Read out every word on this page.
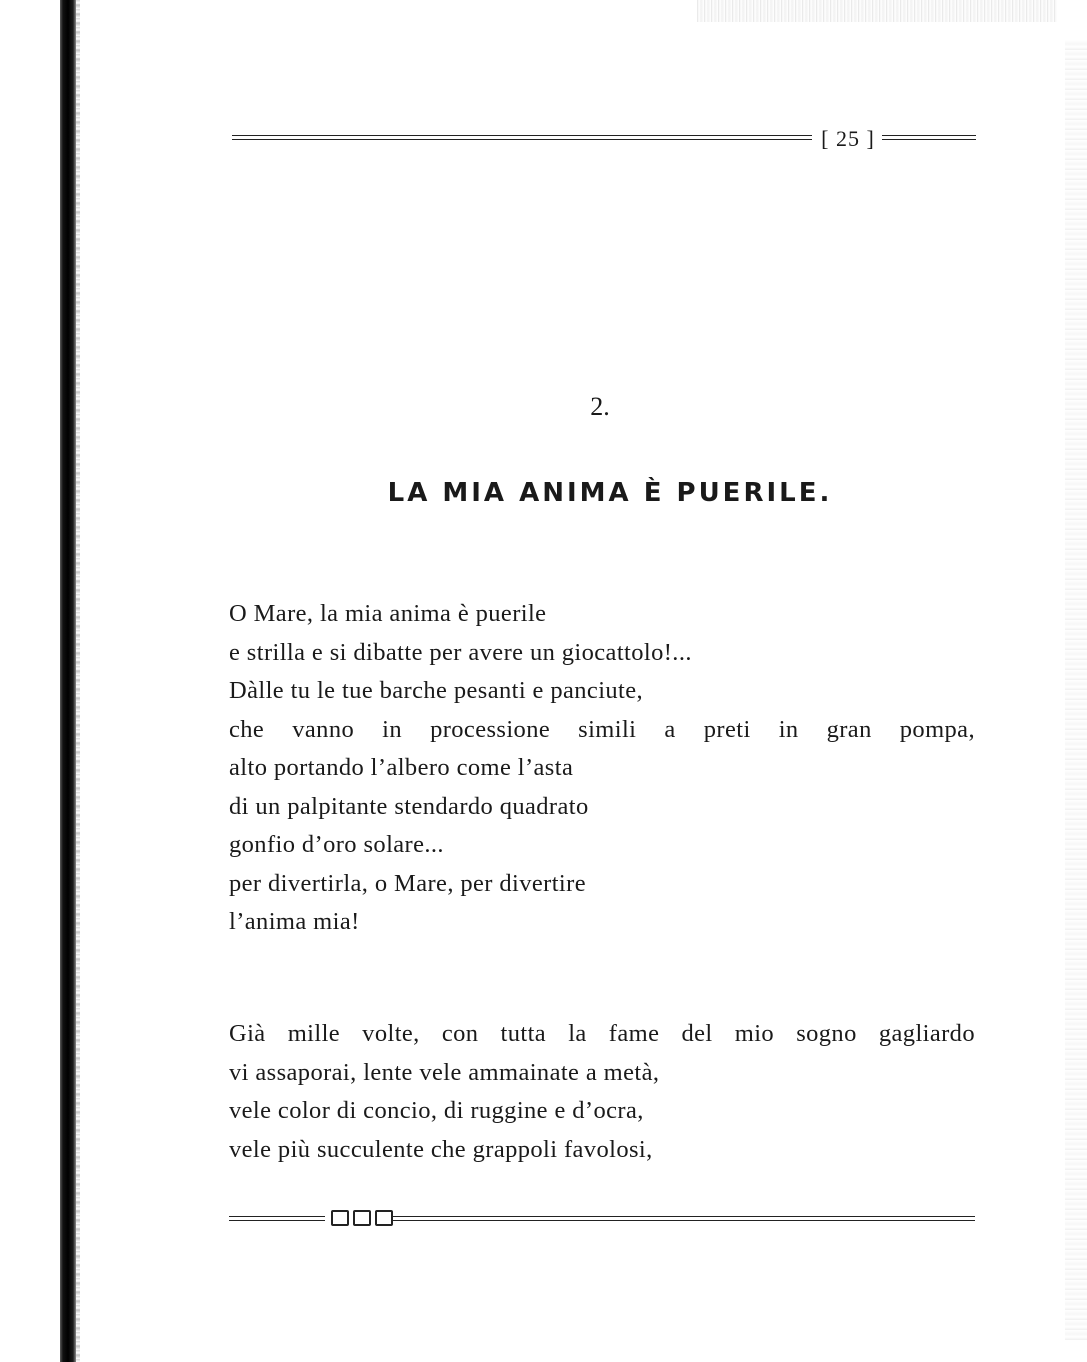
[ 25 ]
2.
LA MIA ANIMA È PUERILE.
O Mare, la mia anima è puerile
e strilla e si dibatte per avere un giocattolo!...
Dàlle tu le tue barche pesanti e panciute,
che vanno in processione simili a preti in gran pompa,
alto portando l’albero come l’asta
di un palpitante stendardo quadrato
gonfio d’oro solare...
per divertirla, o Mare, per divertire
l’anima mia!
Già mille volte, con tutta la fame del mio sogno gagliardo
vi assaporai, lente vele ammainate a metà,
vele color di concio, di ruggine e d’ocra,
vele più succulente che grappoli favolosi,
